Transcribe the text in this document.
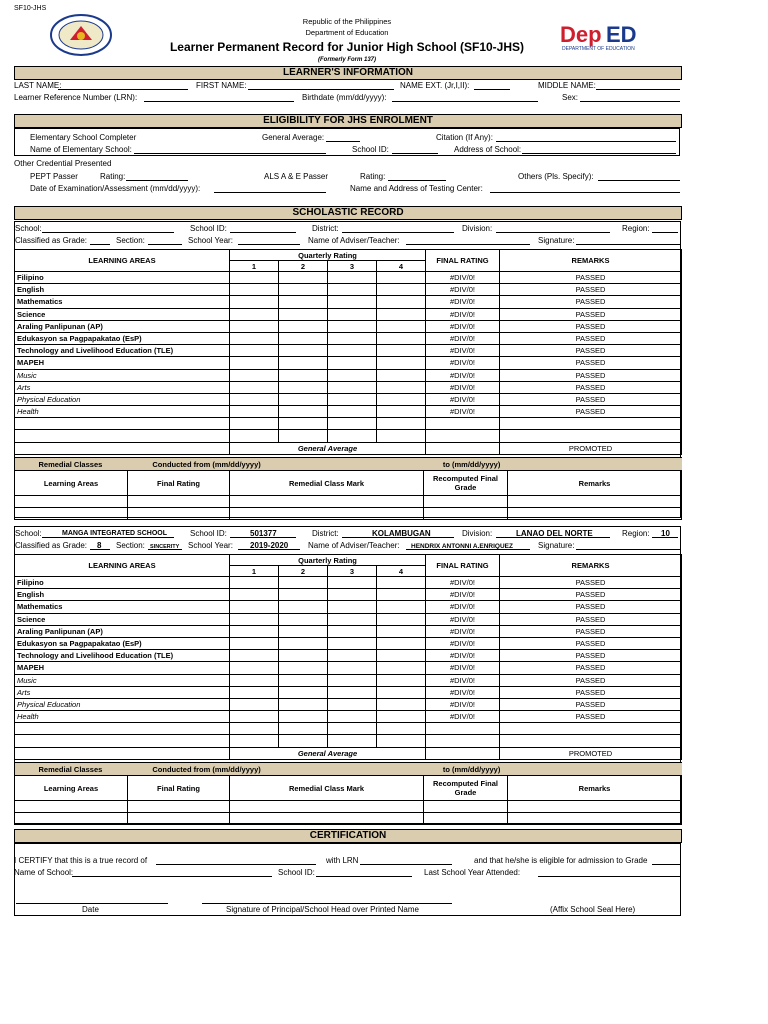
SF10-JHS
Republic of the Philippines
Department of Education
Learner Permanent Record for Junior High School (SF10-JHS)
(Formerly Form 137)
Dep ED
DEPARTMENT OF EDUCATION
LEARNER'S INFORMATION
LAST NAME:	FIRST NAME:	NAME EXT. (Jr,I,II):	MIDDLE NAME:
Learner Reference Number (LRN):	Birthdate (mm/dd/yyyy):	Sex:
ELIGIBILITY FOR JHS ENROLMENT
Elementary School Completer	General Average:	Citation (If Any):
Name of Elementary School:	School ID:	Address of School:
Other Credential Presented
PEPT Passer	Rating:	ALS A & E Passer	Rating:	Others (Pls. Specify):
Date of Examination/Assessment (mm/dd/yyyy):	Name and Address of Testing Center:
SCHOLASTIC RECORD
School:	School ID:	District:	Division:	Region:
Classified as Grade:	Section:	School Year:	Name of Adviser/Teacher:	Signature:
LEARNING AREAS	Quarterly Rating				FINAL RATING	REMARKS
	1	2	3	4		
Filipino					#DIV/0!	PASSED
English					#DIV/0!	PASSED
Mathematics					#DIV/0!	PASSED
Science					#DIV/0!	PASSED
Araling Panlipunan (AP)					#DIV/0!	PASSED
Edukasyon sa Pagpapakatao (EsP)					#DIV/0!	PASSED
Technology and Livelihood Education (TLE)					#DIV/0!	PASSED
MAPEH					#DIV/0!	PASSED
Music					#DIV/0!	PASSED
Arts					#DIV/0!	PASSED
Physical Education					#DIV/0!	PASSED
Health					#DIV/0!	PASSED

	General Average					PROMOTED
Remedial Classes Conducted from (mm/dd/yyyy) to (mm/dd/yyyy)				
Learning Areas	Final Rating	Remedial Class Mark	Recomputed Final Grade	Remarks

School:	MANGA INTEGRATED SCHOOL	School ID:	501377	District:	KOLAMBUGAN	Division:	LANAO DEL NORTE	Region: 10
Classified as Grade: 8 Section: SINCERITY School Year: 2019-2020 Name of Adviser/Teacher: HENDRIX ANTONNI A.ENRIQUEZ	Signature:
LEARNING AREAS	Quarterly Rating				FINAL RATING	REMARKS
	1	2	3	4		
Filipino					#DIV/0!	PASSED
English					#DIV/0!	PASSED
Mathematics					#DIV/0!	PASSED
Science					#DIV/0!	PASSED
Araling Panlipunan (AP)					#DIV/0!	PASSED
Edukasyon sa Pagpapakatao (EsP)					#DIV/0!	PASSED
Technology and Livelihood Education (TLE)					#DIV/0!	PASSED
MAPEH					#DIV/0!	PASSED
Music					#DIV/0!	PASSED
Arts					#DIV/0!	PASSED
Physical Education					#DIV/0!	PASSED
Health					#DIV/0!	PASSED

	General Average					PROMOTED
Remedial Classes Conducted from (mm/dd/yyyy) to (mm/dd/yyyy)				
Learning Areas	Final Rating	Remedial Class Mark	Recomputed Final Grade	Remarks

CERTIFICATION
I CERTIFY that this is a true record of	with LRN	and that he/she is eligible for admission to Grade
Name of School:	School ID:	Last School Year Attended:
Date	Signature of Principal/School Head over Printed Name	(Affix School Seal Here)
